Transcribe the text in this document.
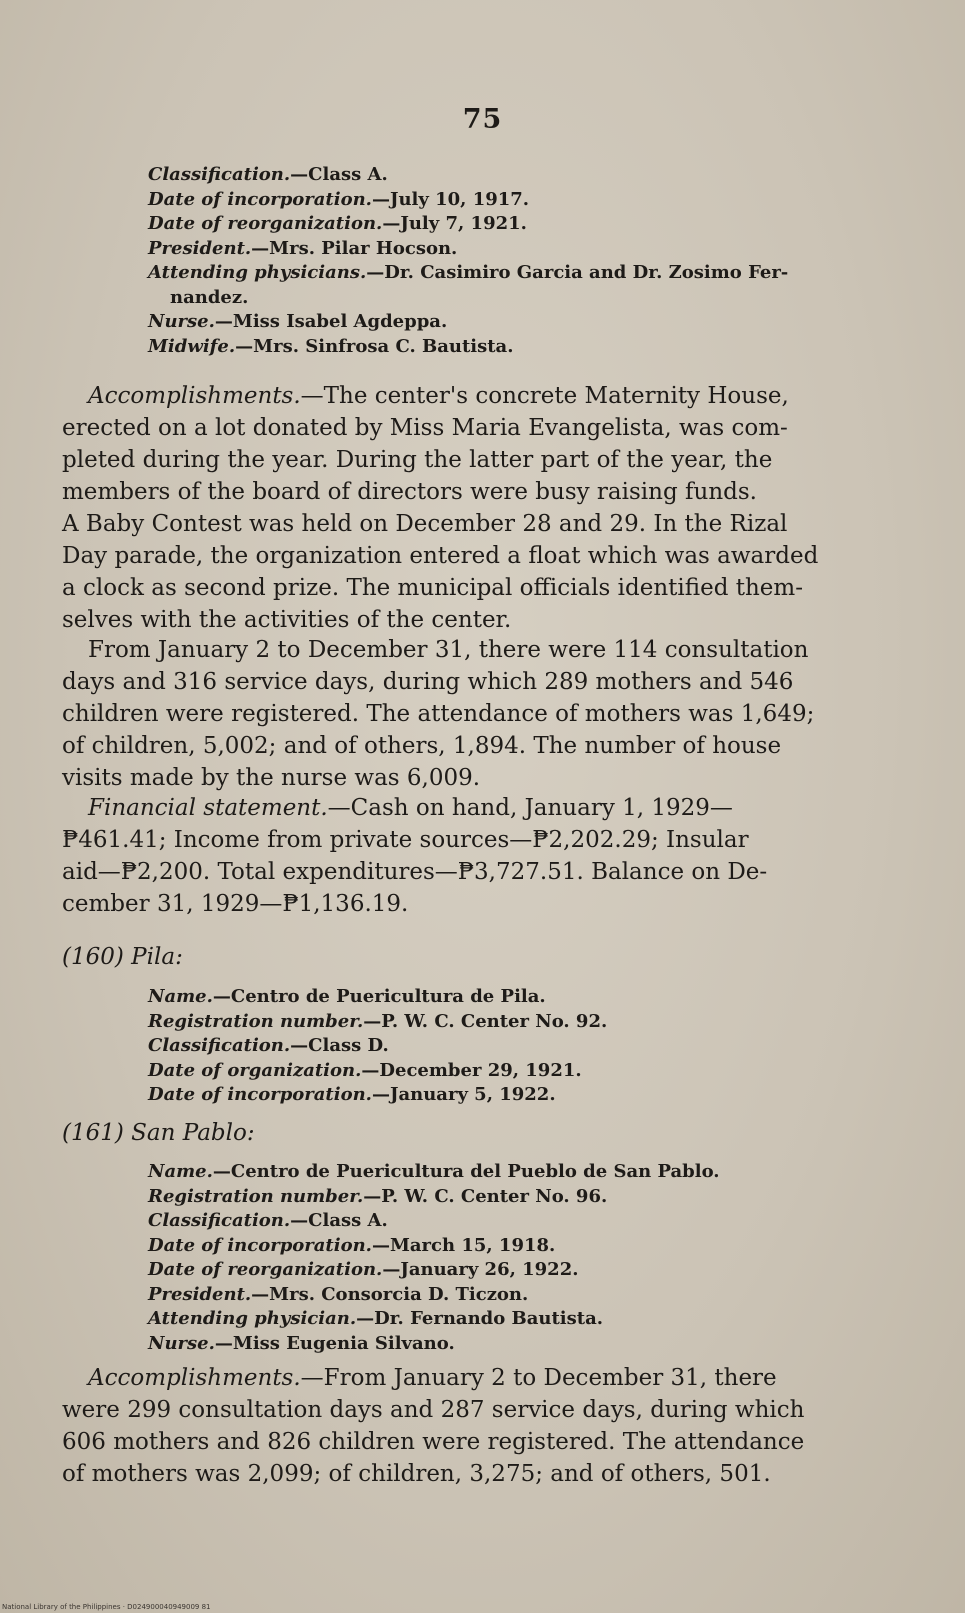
75
Classification.—Class A.
Date of incorporation.—July 10, 1917.
Date of reorganization.—July 7, 1921.
President.—Mrs. Pilar Hocson.
Attending physicians.—Dr. Casimiro Garcia and Dr. Zosimo Fer-
nandez.
Nurse.—Miss Isabel Agdeppa.
Midwife.—Mrs. Sinfrosa C. Bautista.
Accomplishments.—The center's concrete Maternity House,
erected on a lot donated by Miss Maria Evangelista, was com-
pleted during the year. During the latter part of the year, the
members of the board of directors were busy raising funds.
A Baby Contest was held on December 28 and 29. In the Rizal
Day parade, the organization entered a float which was awarded
a clock as second prize. The municipal officials identified them-
selves with the activities of the center.
From January 2 to December 31, there were 114 consultation
days and 316 service days, during which 289 mothers and 546
children were registered. The attendance of mothers was 1,649;
of children, 5,002; and of others, 1,894. The number of house
visits made by the nurse was 6,009.
Financial statement.—Cash on hand, January 1, 1929—
₱461.41; Income from private sources—₱2,202.29; Insular
aid—₱2,200. Total expenditures—₱3,727.51. Balance on De-
cember 31, 1929—₱1,136.19.
(160) Pila:
Name.—Centro de Puericultura de Pila.
Registration number.—P. W. C. Center No. 92.
Classification.—Class D.
Date of organization.—December 29, 1921.
Date of incorporation.—January 5, 1922.
(161) San Pablo:
Name.—Centro de Puericultura del Pueblo de San Pablo.
Registration number.—P. W. C. Center No. 96.
Classification.—Class A.
Date of incorporation.—March 15, 1918.
Date of reorganization.—January 26, 1922.
President.—Mrs. Consorcia D. Ticzon.
Attending physician.—Dr. Fernando Bautista.
Nurse.—Miss Eugenia Silvano.
Accomplishments.—From January 2 to December 31, there
were 299 consultation days and 287 service days, during which
606 mothers and 826 children were registered. The attendance
of mothers was 2,099; of children, 3,275; and of others, 501.
National Library of the Philippines · D024900040949009 81
